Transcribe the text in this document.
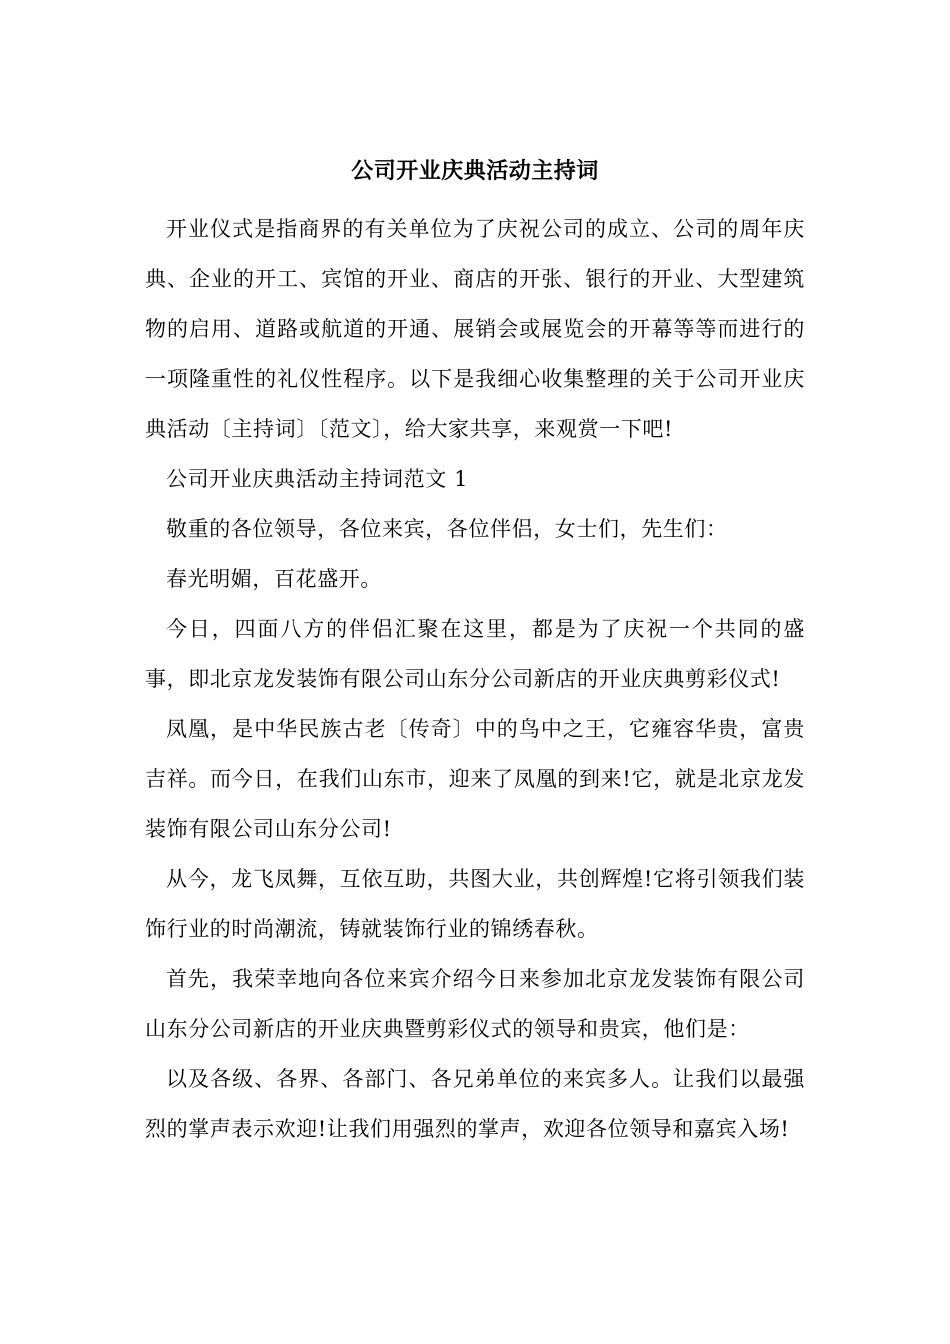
公司开业庆典活动主持词

开业仪式是指商界的有关单位为了庆祝公司的成立、公司的周年庆典、企业的开工、宾馆的开业、商店的开张、银行的开业、大型建筑物的启用、道路或航道的开通、展销会或展览会的开幕等等而进行的一项隆重性的礼仪性程序。以下是我细心收集整理的关于公司开业庆典活动〔主持词〕〔范文〕，给大家共享，来观赏一下吧!

公司开业庆典活动主持词范文 1

敬重的各位领导，各位来宾，各位伴侣，女士们，先生们：

春光明媚，百花盛开。

今日，四面八方的伴侣汇聚在这里，都是为了庆祝一个共同的盛事，即北京龙发装饰有限公司山东分公司新店的开业庆典剪彩仪式!

凤凰，是中华民族古老〔传奇〕中的鸟中之王，它雍容华贵，富贵吉祥。而今日，在我们山东市，迎来了凤凰的到来!它，就是北京龙发装饰有限公司山东分公司!

从今，龙飞凤舞，互依互助，共图大业，共创辉煌!它将引领我们装饰行业的时尚潮流，铸就装饰行业的锦绣春秋。

首先，我荣幸地向各位来宾介绍今日来参加北京龙发装饰有限公司山东分公司新店的开业庆典暨剪彩仪式的领导和贵宾，他们是：

以及各级、各界、各部门、各兄弟单位的来宾多人。让我们以最强烈的掌声表示欢迎!让我们用强烈的掌声，欢迎各位领导和嘉宾入场!
